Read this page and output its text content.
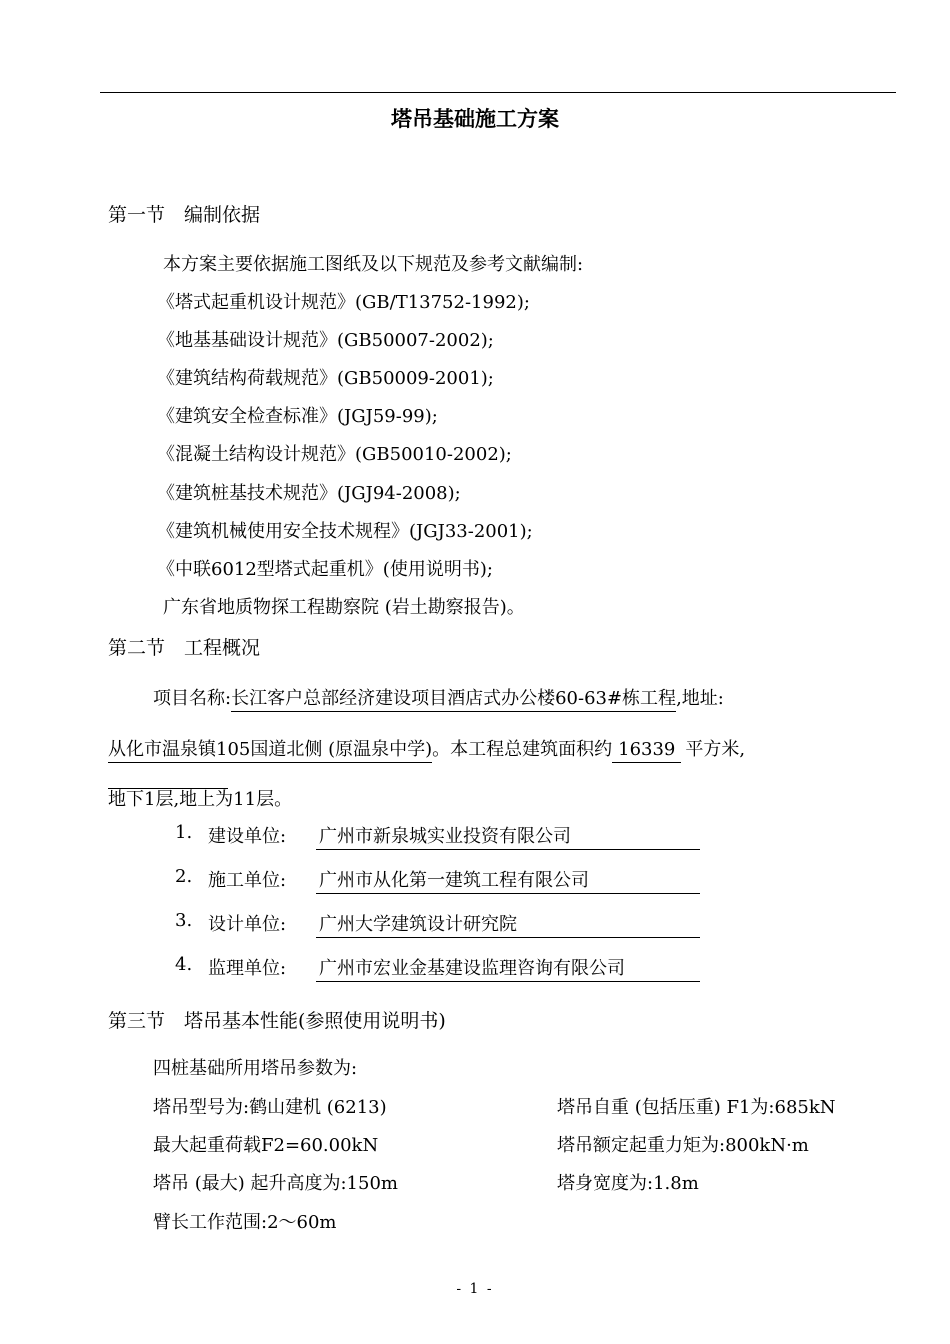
塔吊基础施工方案
第一节　编制依据
本方案主要依据施工图纸及以下规范及参考文献编制:
《塔式起重机设计规范》(GB/T13752-1992);
《地基基础设计规范》(GB50007-2002);
《建筑结构荷载规范》(GB50009-2001);
《建筑安全检查标准》(JGJ59-99);
《混凝土结构设计规范》(GB50010-2002);
《建筑桩基技术规范》(JGJ94-2008);
《建筑机械使用安全技术规程》(JGJ33-2001);
《中联6012型塔式起重机》(使用说明书);
广东省地质物探工程勘察院 (岩土勘察报告)。
第二节　工程概况
项目名称:长江客户总部经济建设项目酒店式办公楼60-63#栋工程,地址:
从化市温泉镇105国道北侧 (原温泉中学)。本工程总建筑面积约 16339 平方米,
地下1层,地上为11层。
1. 建设单位: 广州市新泉城实业投资有限公司
2. 施工单位: 广州市从化第一建筑工程有限公司
3. 设计单位: 广州大学建筑设计研究院
4. 监理单位: 广州市宏业金基建设监理咨询有限公司
第三节　塔吊基本性能(参照使用说明书)
四桩基础所用塔吊参数为:
塔吊型号为:鹤山建机 (6213)	塔吊自重 (包括压重) F1为:685kN
最大起重荷载F2=60.00kN	塔吊额定起重力矩为:800kN·m
塔吊 (最大) 起升高度为:150m	塔身宽度为:1.8m
臂长工作范围:2～60m
- 1 -
